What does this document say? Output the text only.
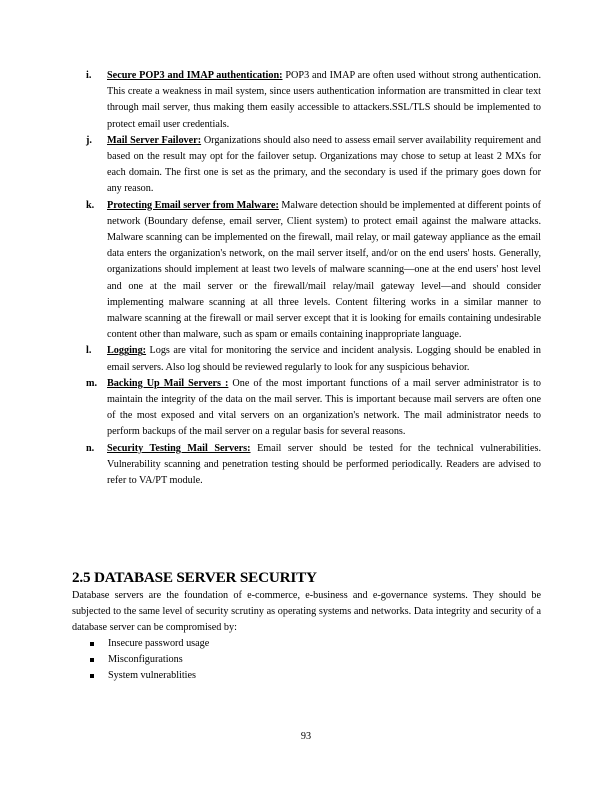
i. Secure POP3 and IMAP authentication: POP3 and IMAP are often used without strong authentication. This create a weakness in mail system, since users authentication information are transmitted in clear text through mail server, thus making them easily accessible to attackers.SSL/TLS should be implemented to protect email user credentials.

j. Mail Server Failover: Organizations should also need to assess email server availability requirement and based on the result may opt for the failover setup. Organizations may chose to setup at least 2 MXs for each domain. The first one is set as the primary, and the secondary is used if the primary goes down for any reason.

k. Protecting Email server from Malware: Malware detection should be implemented at different points of network (Boundary defense, email server, Client system) to protect email against the malware attacks. Malware scanning can be implemented on the firewall, mail relay, or mail gateway appliance as the email data enters the organization's network, on the mail server itself, and/or on the end users' hosts. Generally, organizations should implement at least two levels of malware scanning—one at the end users' host level and one at the mail server or the firewall/mail relay/mail gateway level—and should consider implementing malware scanning at all three levels. Content filtering works in a similar manner to malware scanning at the firewall or mail server except that it is looking for emails containing undesirable content other than malware, such as spam or emails containing inappropriate language.

l. Logging: Logs are vital for monitoring the service and incident analysis. Logging should be enabled in email servers. Also log should be reviewed regularly to look for any suspicious behavior.

m. Backing Up Mail Servers : One of the most important functions of a mail server administrator is to maintain the integrity of the data on the mail server. This is important because mail servers are often one of the most exposed and vital servers on an organization's network. The mail administrator needs to perform backups of the mail server on a regular basis for several reasons.

n. Security Testing Mail Servers: Email server should be tested for the technical vulnerabilities. Vulnerability scanning and penetration testing should be performed periodically. Readers are advised to refer to VA/PT module.

2.5 DATABASE SERVER SECURITY

Database servers are the foundation of e-commerce, e-business and e-governance systems. They should be subjected to the same level of security scrutiny as operating systems and networks. Data integrity and security of a database server can be compromised by:

Insecure password usage
Misconfigurations
System vulnerablities
93
